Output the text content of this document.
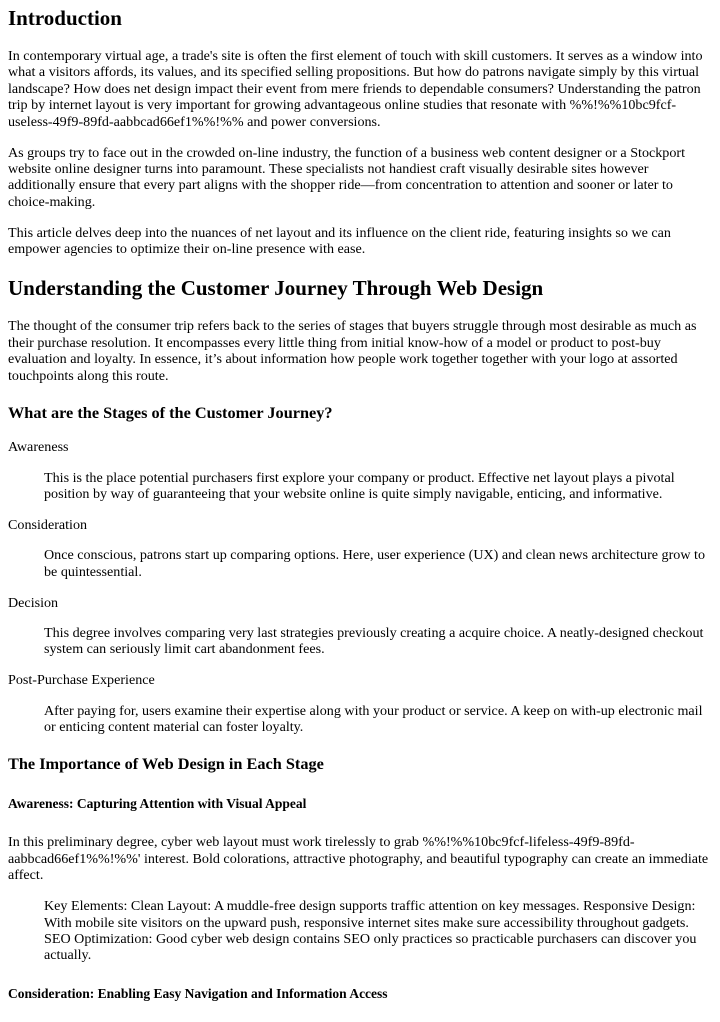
Introduction

In contemporary virtual age, a trade's site is often the first element of touch with skill customers. It serves as a window into what a visitors affords, its values, and its specified selling propositions. But how do patrons navigate simply by this virtual landscape? How does net design impact their event from mere friends to dependable consumers? Understanding the patron trip by internet layout is very important for growing advantageous online studies that resonate with %%!%%10bc9fcf-useless-49f9-89fd-aabbcad66ef1%%!%% and power conversions.

As groups try to face out in the crowded on-line industry, the function of a business web content designer or a Stockport website online designer turns into paramount. These specialists not handiest craft visually desirable sites however additionally ensure that every part aligns with the shopper ride—from concentration to attention and sooner or later to choice-making.

This article delves deep into the nuances of net layout and its influence on the client ride, featuring insights so we can empower agencies to optimize their on-line presence with ease.

Understanding the Customer Journey Through Web Design

The thought of the consumer trip refers back to the series of stages that buyers struggle through most desirable as much as their purchase resolution. It encompasses every little thing from initial know-how of a model or product to post-buy evaluation and loyalty. In essence, it’s about information how people work together together with your logo at assorted touchpoints along this route.

What are the Stages of the Customer Journey?
Awareness
This is the place potential purchasers first explore your company or product. Effective net layout plays a pivotal position by way of guaranteeing that your website online is quite simply navigable, enticing, and informative.
Consideration
Once conscious, patrons start up comparing options. Here, user experience (UX) and clean news architecture grow to be quintessential.
Decision
This degree involves comparing very last strategies previously creating a acquire choice. A neatly-designed checkout system can seriously limit cart abandonment fees.
Post-Purchase Experience
After paying for, users examine their expertise along with your product or service. A keep on with-up electronic mail or enticing content material can foster loyalty.
The Importance of Web Design in Each Stage
Awareness: Capturing Attention with Visual Appeal

In this preliminary degree, cyber web layout must work tirelessly to grab %%!%%10bc9fcf-lifeless-49f9-89fd-aabbcad66ef1%%!%%' interest. Bold colorations, attractive photography, and beautiful typography can create an immediate affect.

Key Elements: Clean Layout: A muddle-free design supports traffic attention on key messages. Responsive Design: With mobile site visitors on the upward push, responsive internet sites make sure accessibility throughout gadgets. SEO Optimization: Good cyber web design contains SEO only practices so practicable purchasers can discover you actually.
Consideration: Enabling Easy Navigation and Information Access
